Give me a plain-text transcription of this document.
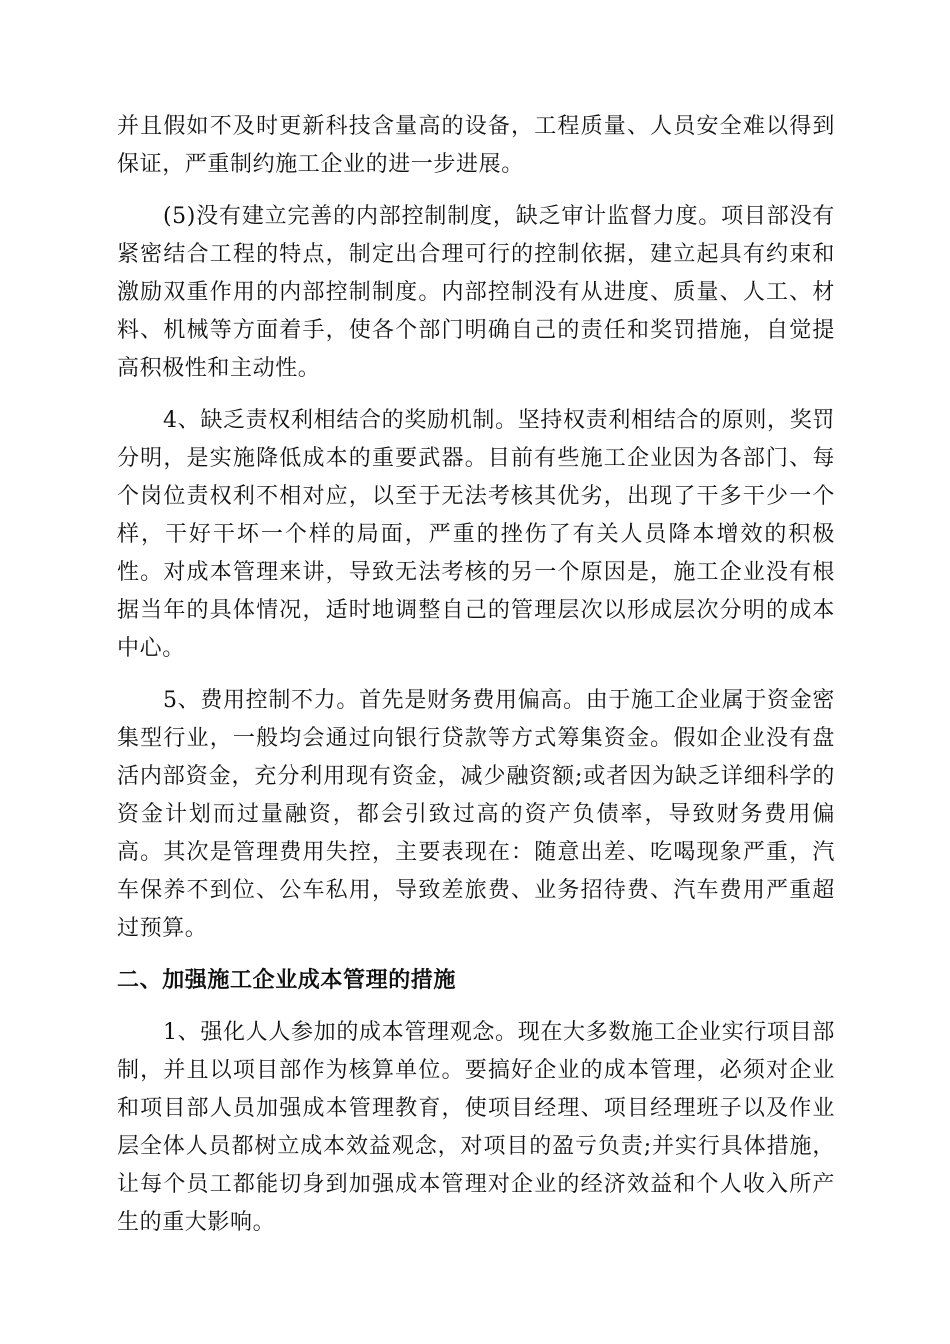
并且假如不及时更新科技含量高的设备，工程质量、人员安全难以得到保证，严重制约施工企业的进一步进展。

(5)没有建立完善的内部控制制度，缺乏审计监督力度。项目部没有紧密结合工程的特点，制定出合理可行的控制依据，建立起具有约束和激励双重作用的内部控制制度。内部控制没有从进度、质量、人工、材料、机械等方面着手，使各个部门明确自己的责任和奖罚措施，自觉提高积极性和主动性。

4、缺乏责权利相结合的奖励机制。坚持权责利相结合的原则，奖罚分明，是实施降低成本的重要武器。目前有些施工企业因为各部门、每个岗位责权利不相对应，以至于无法考核其优劣，出现了干多干少一个样，干好干坏一个样的局面，严重的挫伤了有关人员降本增效的积极性。对成本管理来讲，导致无法考核的另一个原因是，施工企业没有根据当年的具体情况，适时地调整自己的管理层次以形成层次分明的成本中心。

5、费用控制不力。首先是财务费用偏高。由于施工企业属于资金密集型行业，一般均会通过向银行贷款等方式筹集资金。假如企业没有盘活内部资金，充分利用现有资金，减少融资额;或者因为缺乏详细科学的资金计划而过量融资，都会引致过高的资产负债率，导致财务费用偏高。其次是管理费用失控，主要表现在：随意出差、吃喝现象严重，汽车保养不到位、公车私用，导致差旅费、业务招待费、汽车费用严重超过预算。

二、加强施工企业成本管理的措施

1、强化人人参加的成本管理观念。现在大多数施工企业实行项目部制，并且以项目部作为核算单位。要搞好企业的成本管理，必须对企业和项目部人员加强成本管理教育，使项目经理、项目经理班子以及作业层全体人员都树立成本效益观念，对项目的盈亏负责;并实行具体措施，让每个员工都能切身到加强成本管理对企业的经济效益和个人收入所产生的重大影响。
